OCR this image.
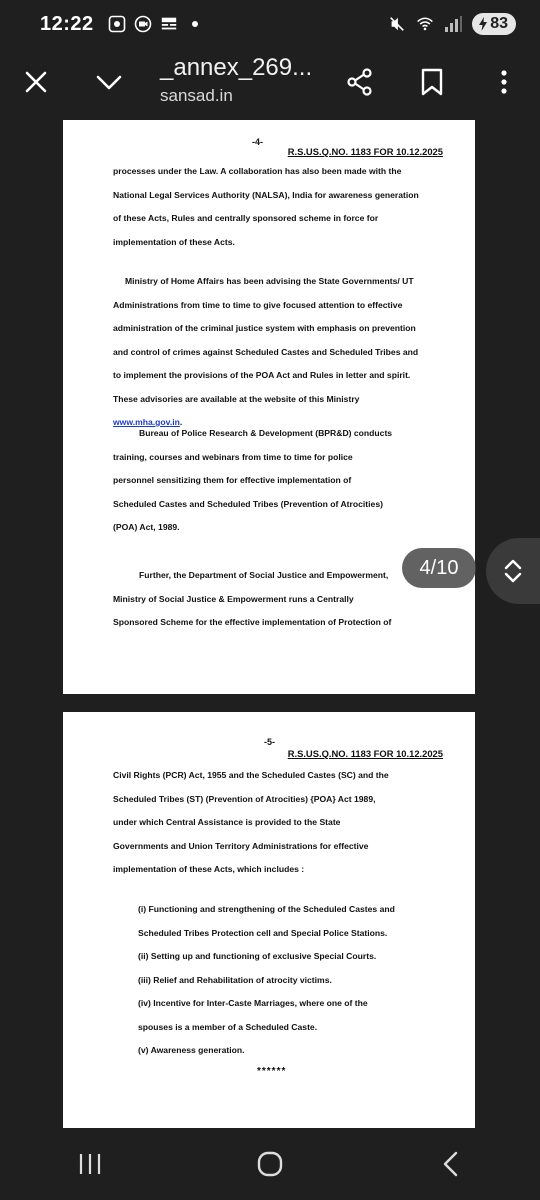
12:22	83
_annex_269...
sansad.in
-4-
R.S.US.Q.NO. 1183 FOR 10.12.2025

processes under the Law. A collaboration has also been made with the

National Legal Services Authority (NALSA), India for awareness generation

of these Acts, Rules and centrally sponsored scheme in force for

implementation of these Acts.

Ministry of Home Affairs has been advising the State Governments/ UT

Administrations from time to time to give focused attention to effective

administration of the criminal justice system with emphasis on prevention

and control of crimes against Scheduled Castes and Scheduled Tribes and

to implement the provisions of the POA Act and Rules in letter and spirit.

These advisories are available at the website of this Ministry

www.mha.gov.in.

Bureau of Police Research & Development (BPR&D) conducts

training, courses and webinars from time to time for police

personnel sensitizing them for effective implementation of

Scheduled Castes and Scheduled Tribes (Prevention of Atrocities)

(POA) Act, 1989.

Further, the Department of Social Justice and Empowerment,

Ministry of Social Justice & Empowerment runs a Centrally

Sponsored Scheme for the effective implementation of Protection of

-5-
R.S.US.Q.NO. 1183 FOR 10.12.2025

Civil Rights (PCR) Act, 1955 and the Scheduled Castes (SC) and the

Scheduled Tribes (ST) (Prevention of Atrocities) {POA} Act 1989,

under which Central Assistance is provided to the State

Governments and Union Territory Administrations for effective

implementation of these Acts, which includes :

(i) Functioning and strengthening of the Scheduled Castes and
Scheduled Tribes Protection cell and Special Police Stations.
(ii) Setting up and functioning of exclusive Special Courts.
(iii) Relief and Rehabilitation of atrocity victims.
(iv) Incentive for Inter-Caste Marriages, where one of the
spouses is a member of a Scheduled Caste.
(v) Awareness generation.
******
4/10
